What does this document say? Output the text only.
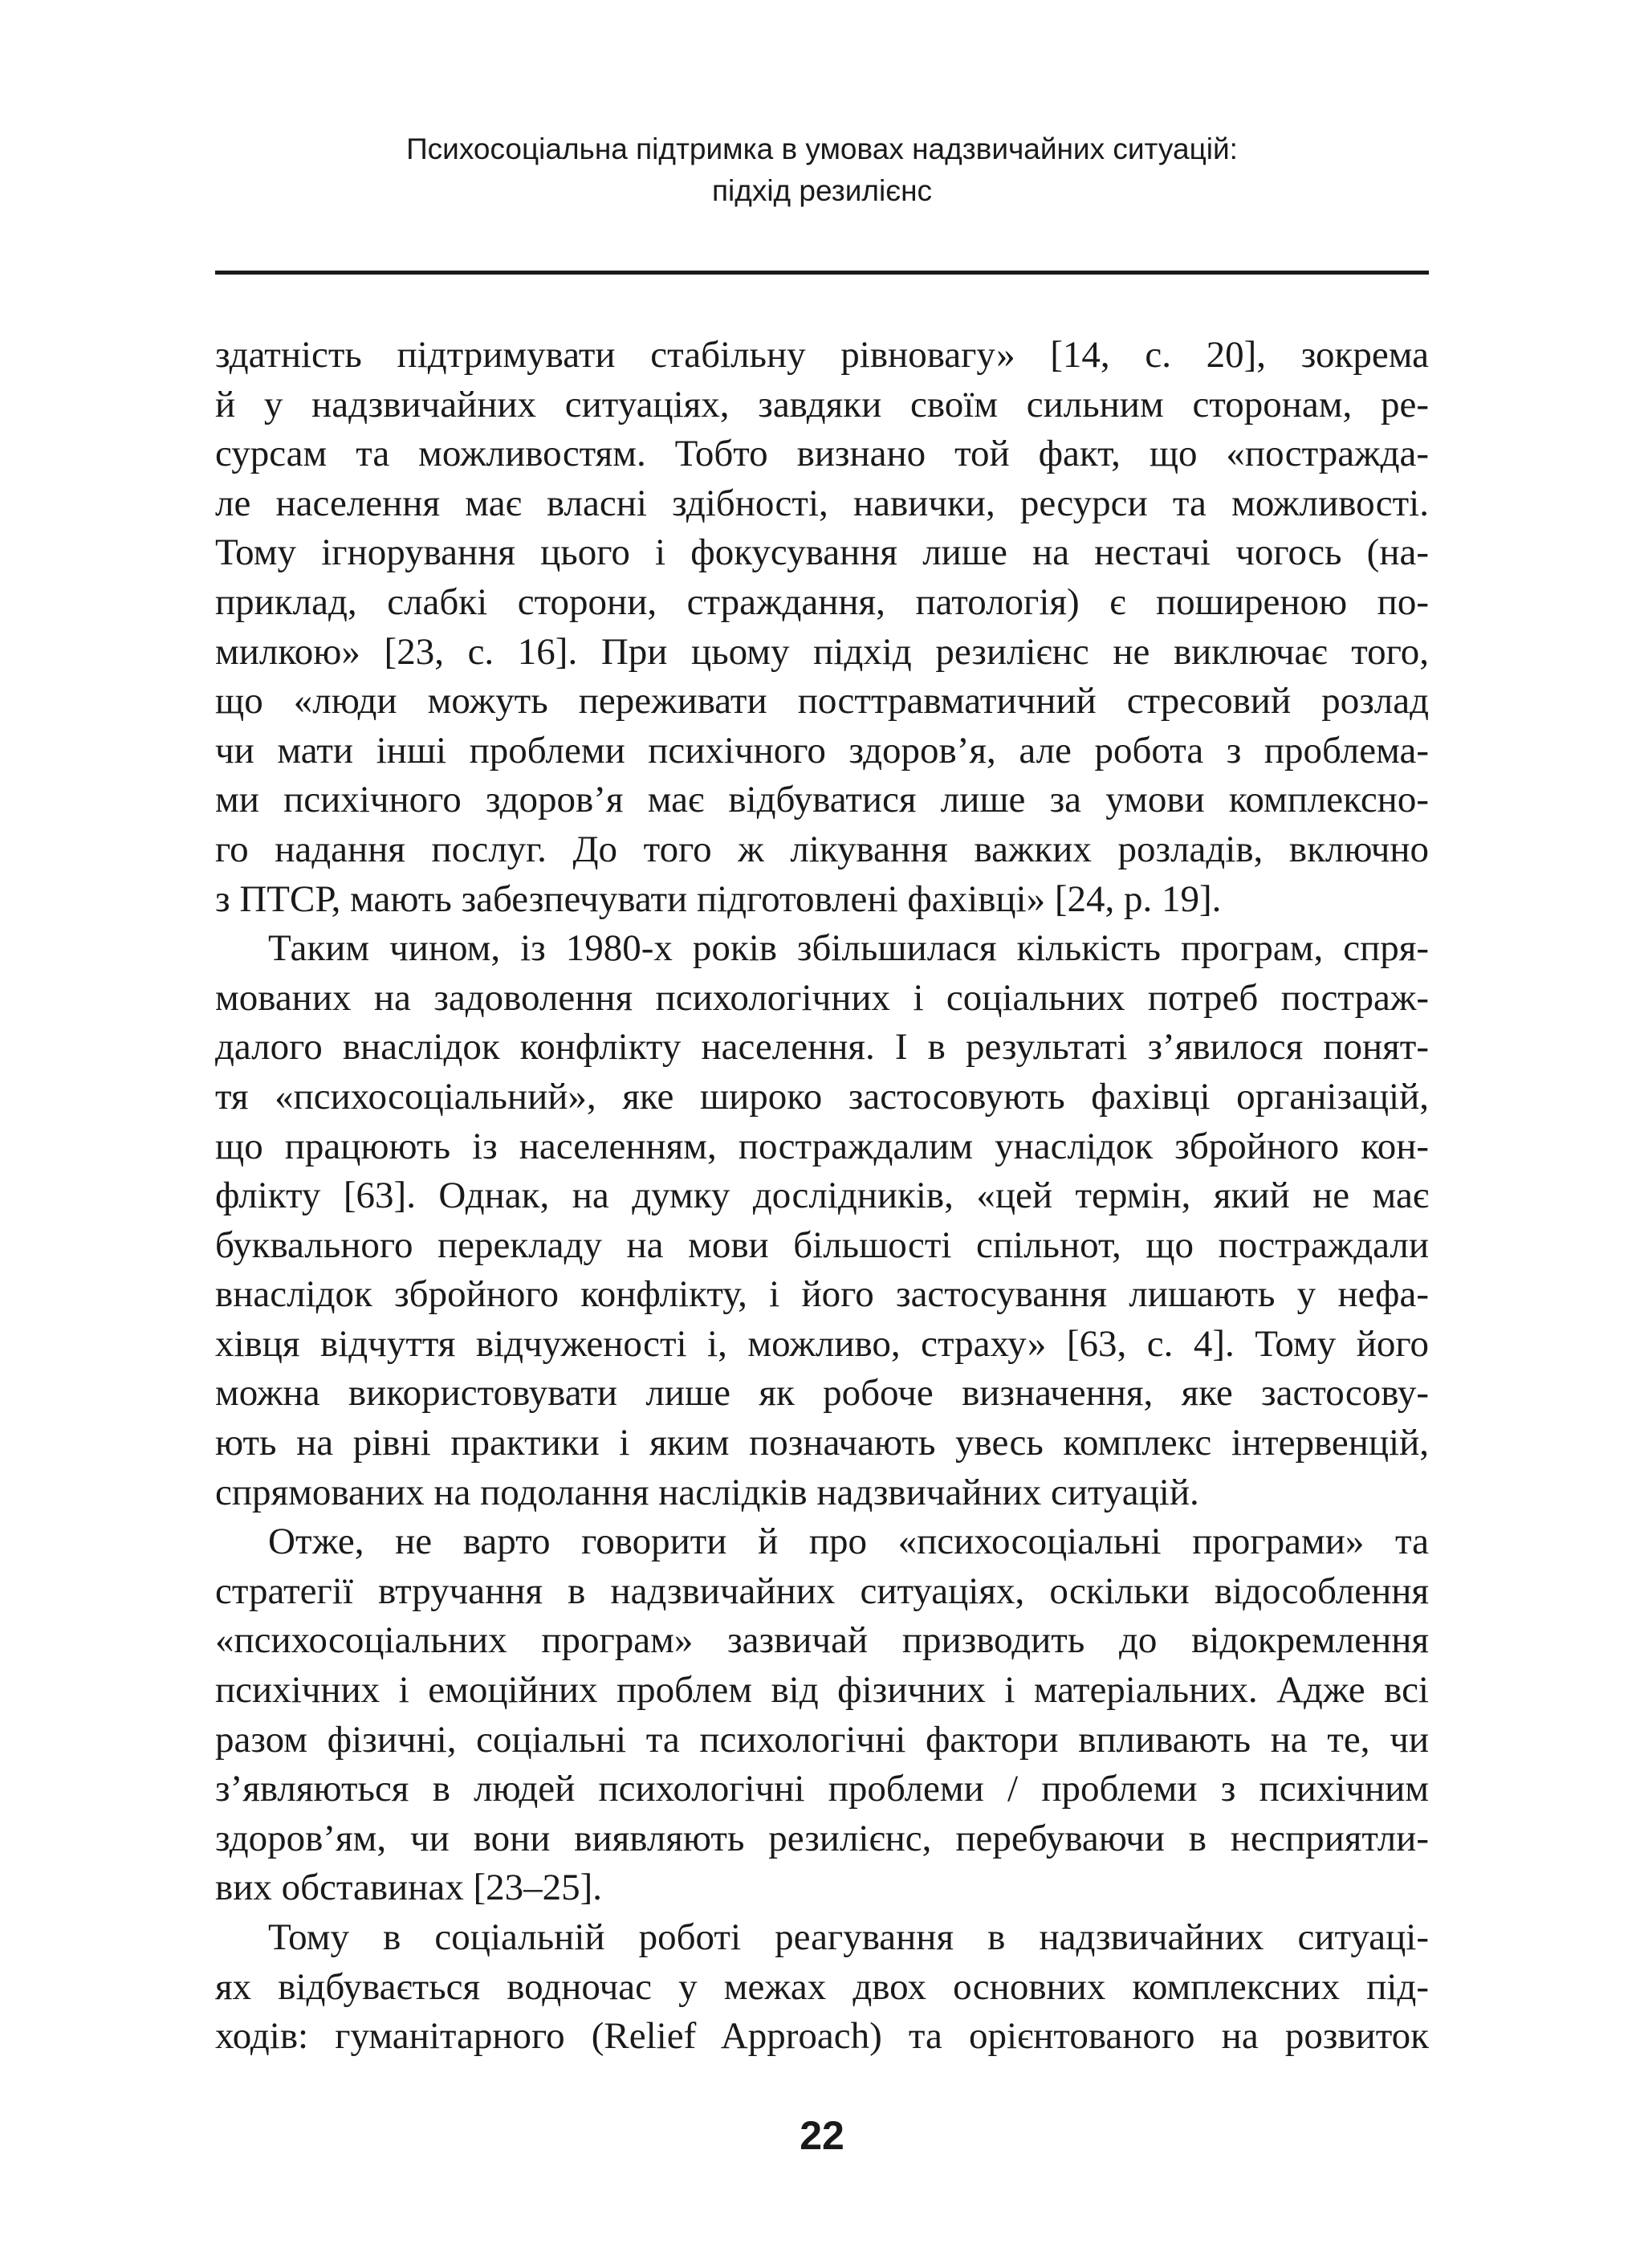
Психосоціальна підтримка в умовах надзвичайних ситуацій:
підхід резилієнс
здатність підтримувати стабільну рівновагу» [14, с. 20], зокрема
й у надзвичайних ситуаціях, завдяки своїм сильним сторонам, ре-
сурсам та можливостям. Тобто визнано той факт, що «постражда-
ле населення має власні здібності, навички, ресурси та можливості.
Тому ігнорування цього і фокусування лише на нестачі чогось (на-
приклад, слабкі сторони, страждання, патологія) є поширеною по-
милкою» [23, с. 16]. При цьому підхід резилієнс не виключає того,
що «люди можуть переживати посттравматичний стресовий розлад
чи мати інші проблеми психічного здоров’я, але робота з проблема-
ми психічного здоров’я має відбуватися лише за умови комплексно-
го надання послуг. До того ж лікування важких розладів, включно
з ПТСР, мають забезпечувати підготовлені фахівці» [24, p. 19].
Таким чином, із 1980-х років збільшилася кількість програм, спря-
мованих на задоволення психологічних і соціальних потреб постраж-
далого внаслідок конфлікту населення. І в результаті з’явилося понят-
тя «психосоціальний», яке широко застосовують фахівці організацій,
що працюють із населенням, постраждалим унаслідок збройного кон-
флікту [63]. Однак, на думку дослідників, «цей термін, який не має
буквального перекладу на мови більшості спільнот, що постраждали
внаслідок збройного конфлікту, і його застосування лишають у нефа-
хівця відчуття відчуженості і, можливо, страху» [63, с. 4]. Тому його
можна використовувати лише як робоче визначення, яке застосову-
ють на рівні практики і яким позначають увесь комплекс інтервенцій,
спрямованих на подолання наслідків надзвичайних ситуацій.
Отже, не варто говорити й про «психосоціальні програми» та
стратегії втручання в надзвичайних ситуаціях, оскільки відособлення
«психосоціальних програм» зазвичай призводить до відокремлення
психічних і емоційних проблем від фізичних і матеріальних. Адже всі
разом фізичні, соціальні та психологічні фактори впливають на те, чи
з’являються в людей психологічні проблеми / проблеми з психічним
здоров’ям, чи вони виявляють резилієнс, перебуваючи в несприятли-
вих обставинах [23–25].
Тому в соціальній роботі реагування в надзвичайних ситуаці-
ях відбувається водночас у межах двох основних комплексних під-
ходів: гуманітарного (Relief Approach) та орієнтованого на розвиток
22
